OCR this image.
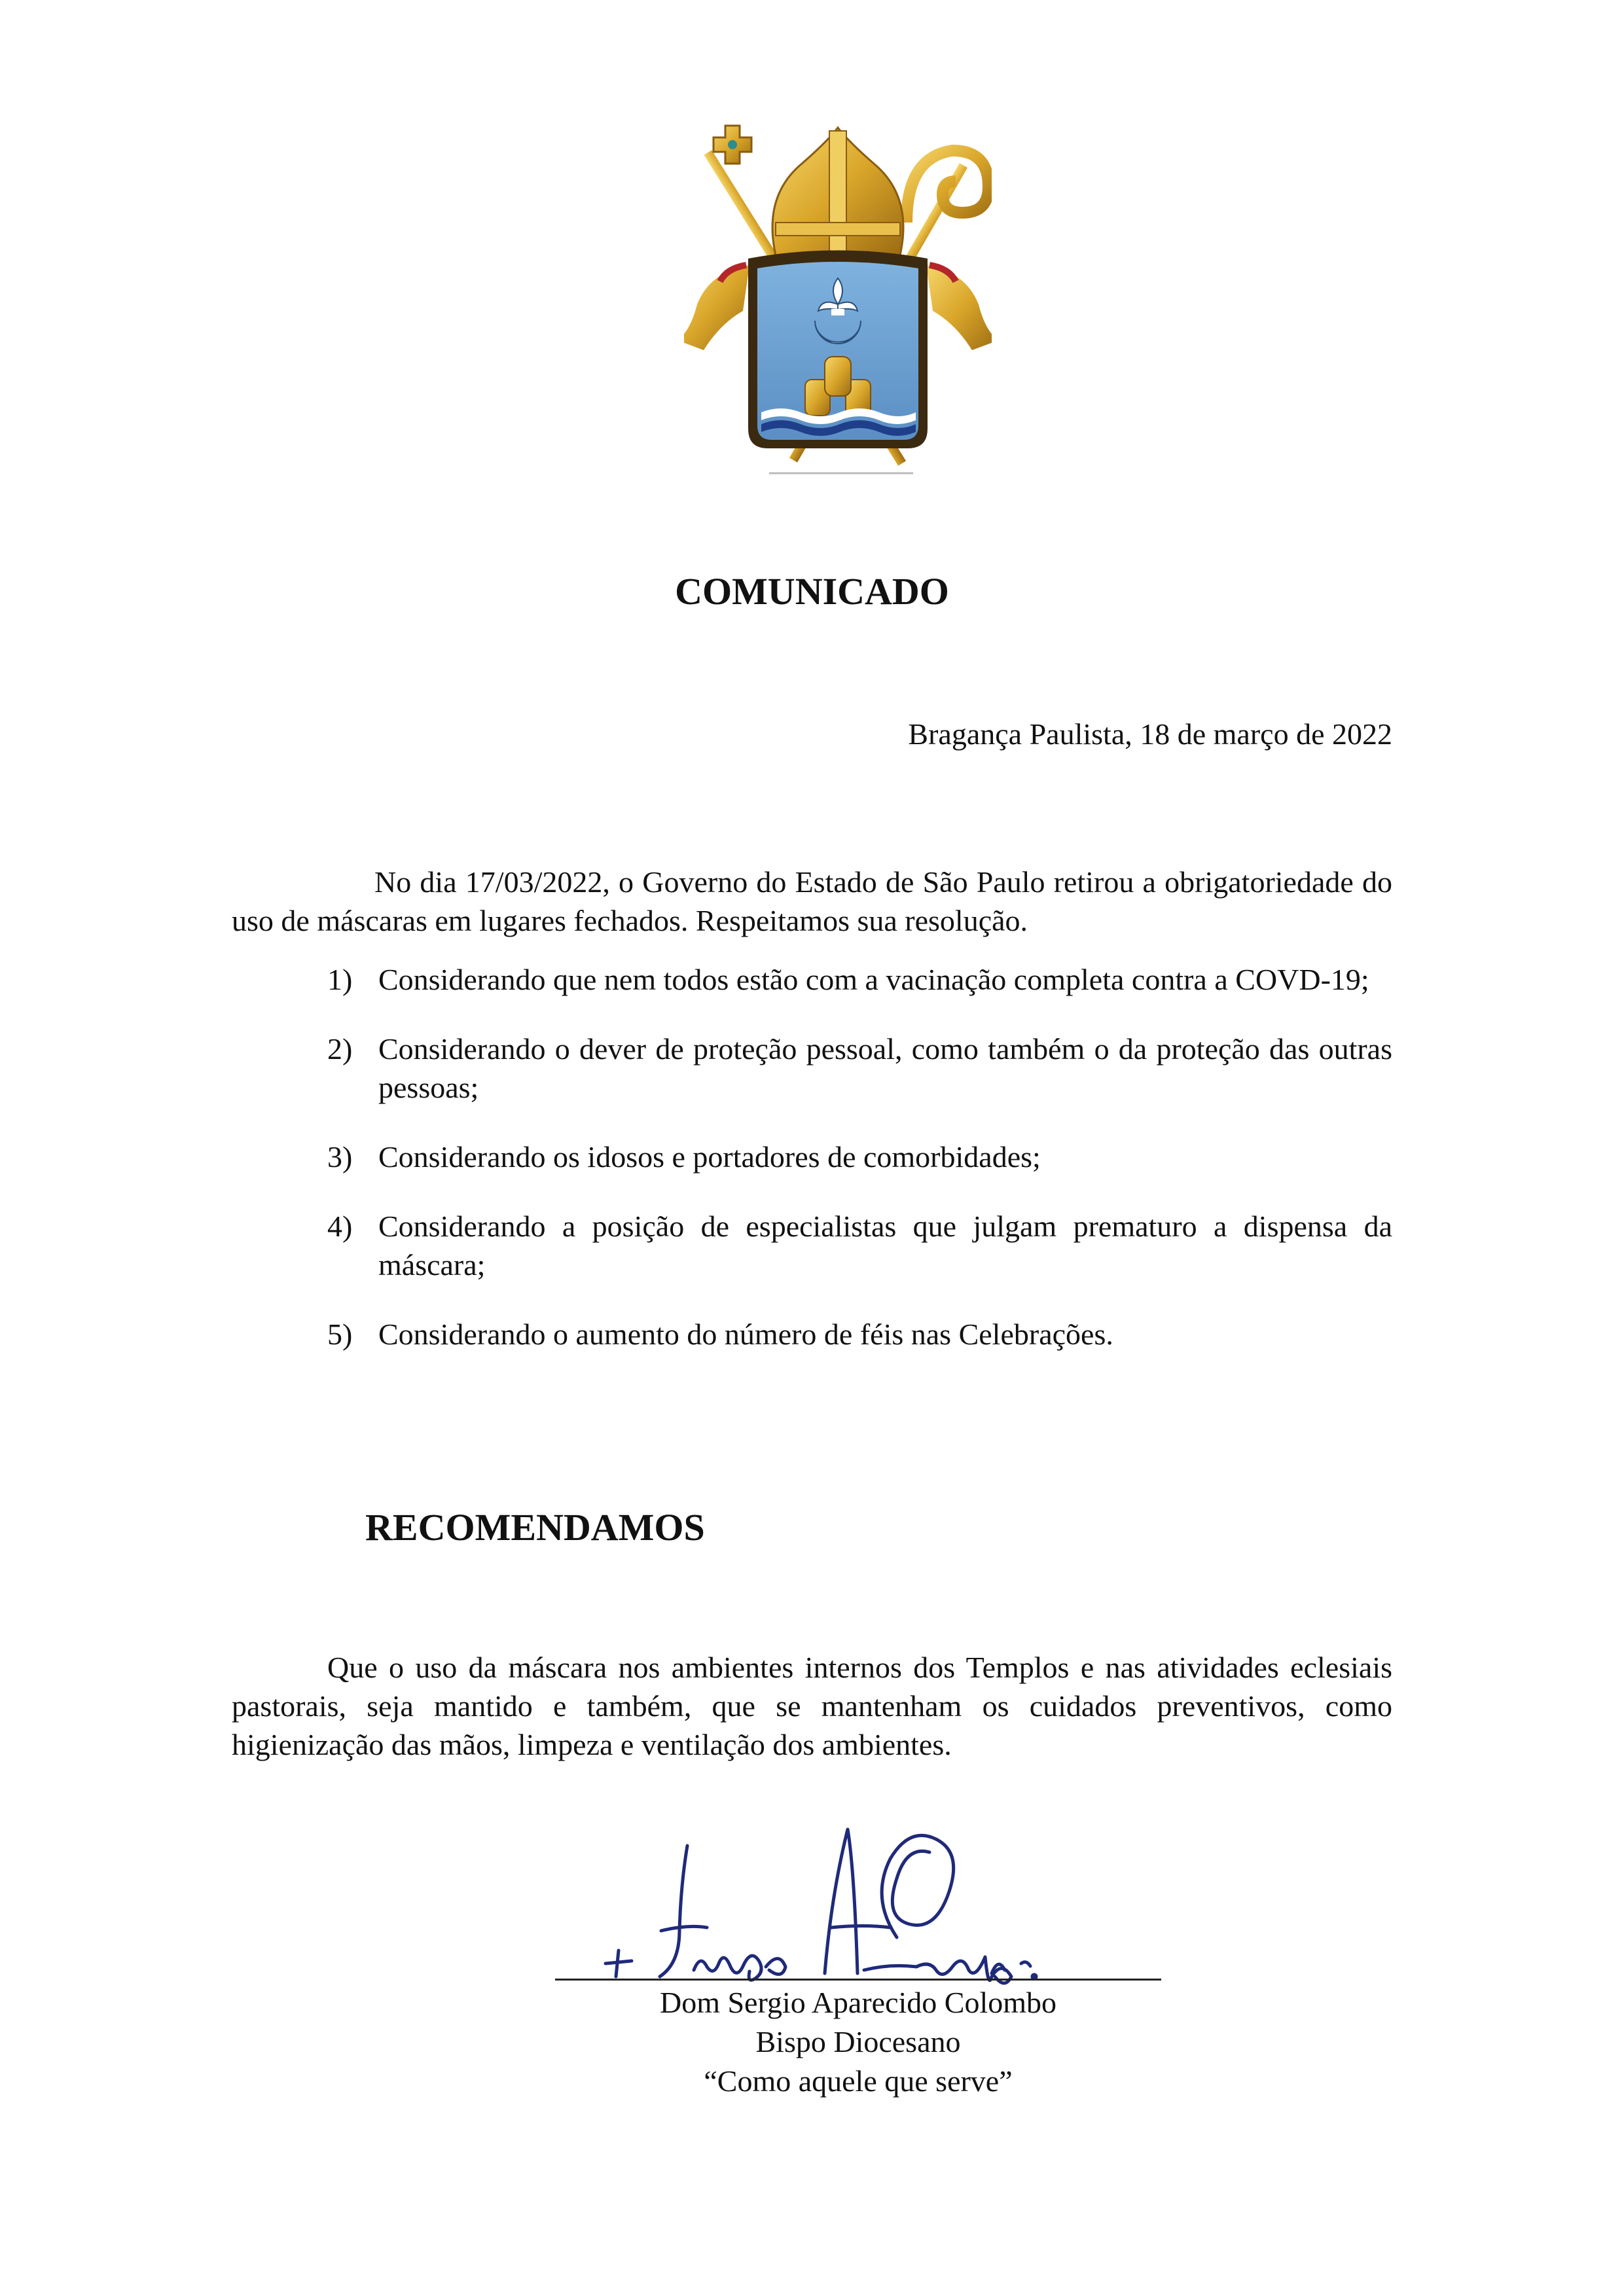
COMUNICADO
Bragança Paulista, 18 de março de 2022

No dia 17/03/2022, o Governo do Estado de São Paulo retirou a obrigatoriedade do uso de máscaras em lugares fechados. Respeitamos sua resolução.

1) Considerando que nem todos estão com a vacinação completa contra a COVD-19;
2) Considerando o dever de proteção pessoal, como também o da proteção das outras pessoas;
3) Considerando os idosos e portadores de comorbidades;
4) Considerando a posição de especialistas que julgam prematuro a dispensa da máscara;
5) Considerando o aumento do número de féis nas Celebrações.
RECOMENDAMOS

Que o uso da máscara nos ambientes internos dos Templos e nas atividades eclesiais pastorais, seja mantido e também, que se mantenham os cuidados preventivos, como higienização das mãos, limpeza e ventilação dos ambientes.

+ Sérgio A. Colombo
Dom Sergio Aparecido Colombo
Bispo Diocesano
“Como aquele que serve”
